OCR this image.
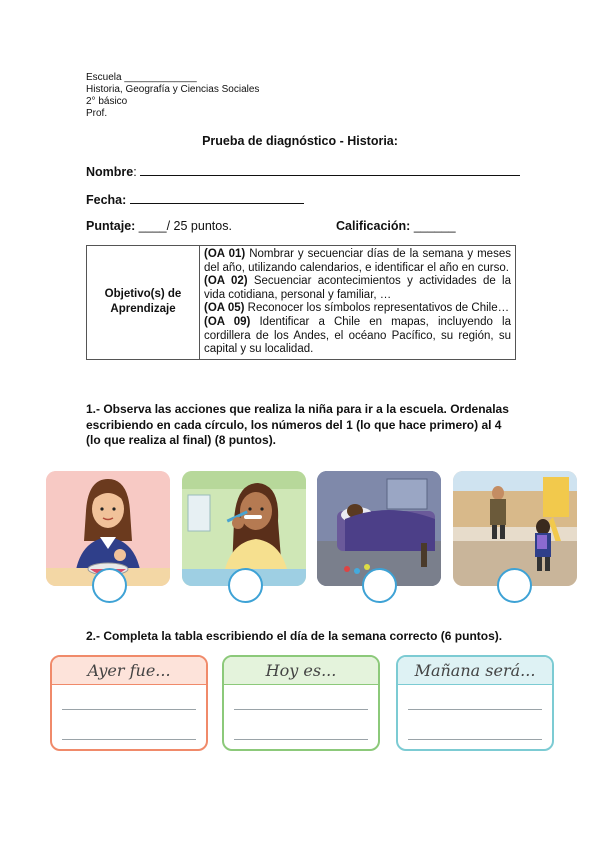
Escuela _____________
Historia, Geografía y Ciencias Sociales
2° básico
Prof.
Prueba de diagnóstico - Historia:
Nombre:
Fecha:
Puntaje: ____/ 25 puntos.	Calificación: ______
Objetivo(s) de
Aprendizaje

(OA 01) Nombrar y secuenciar días de la semana y meses del año, utilizando calendarios, e identificar el año en curso.

(OA 02) Secuenciar acontecimientos y actividades de la vida cotidiana, personal y familiar, …

(OA 05) Reconocer los símbolos representativos de Chile…

(OA 09) Identificar a Chile en mapas, incluyendo la cordillera de los Andes, el océano Pacífico, su región, su capital y su localidad.

1.- Observa las acciones que realiza la niña para ir a la escuela. Ordenalas escribiendo en cada círculo, los números del 1 (lo que hace primero) al 4 (lo que realiza al final) (8 puntos).
2.- Completa la tabla escribiendo el día de la semana correcto (6 puntos).
Ayer fue...	Hoy es...	Mañana será...
